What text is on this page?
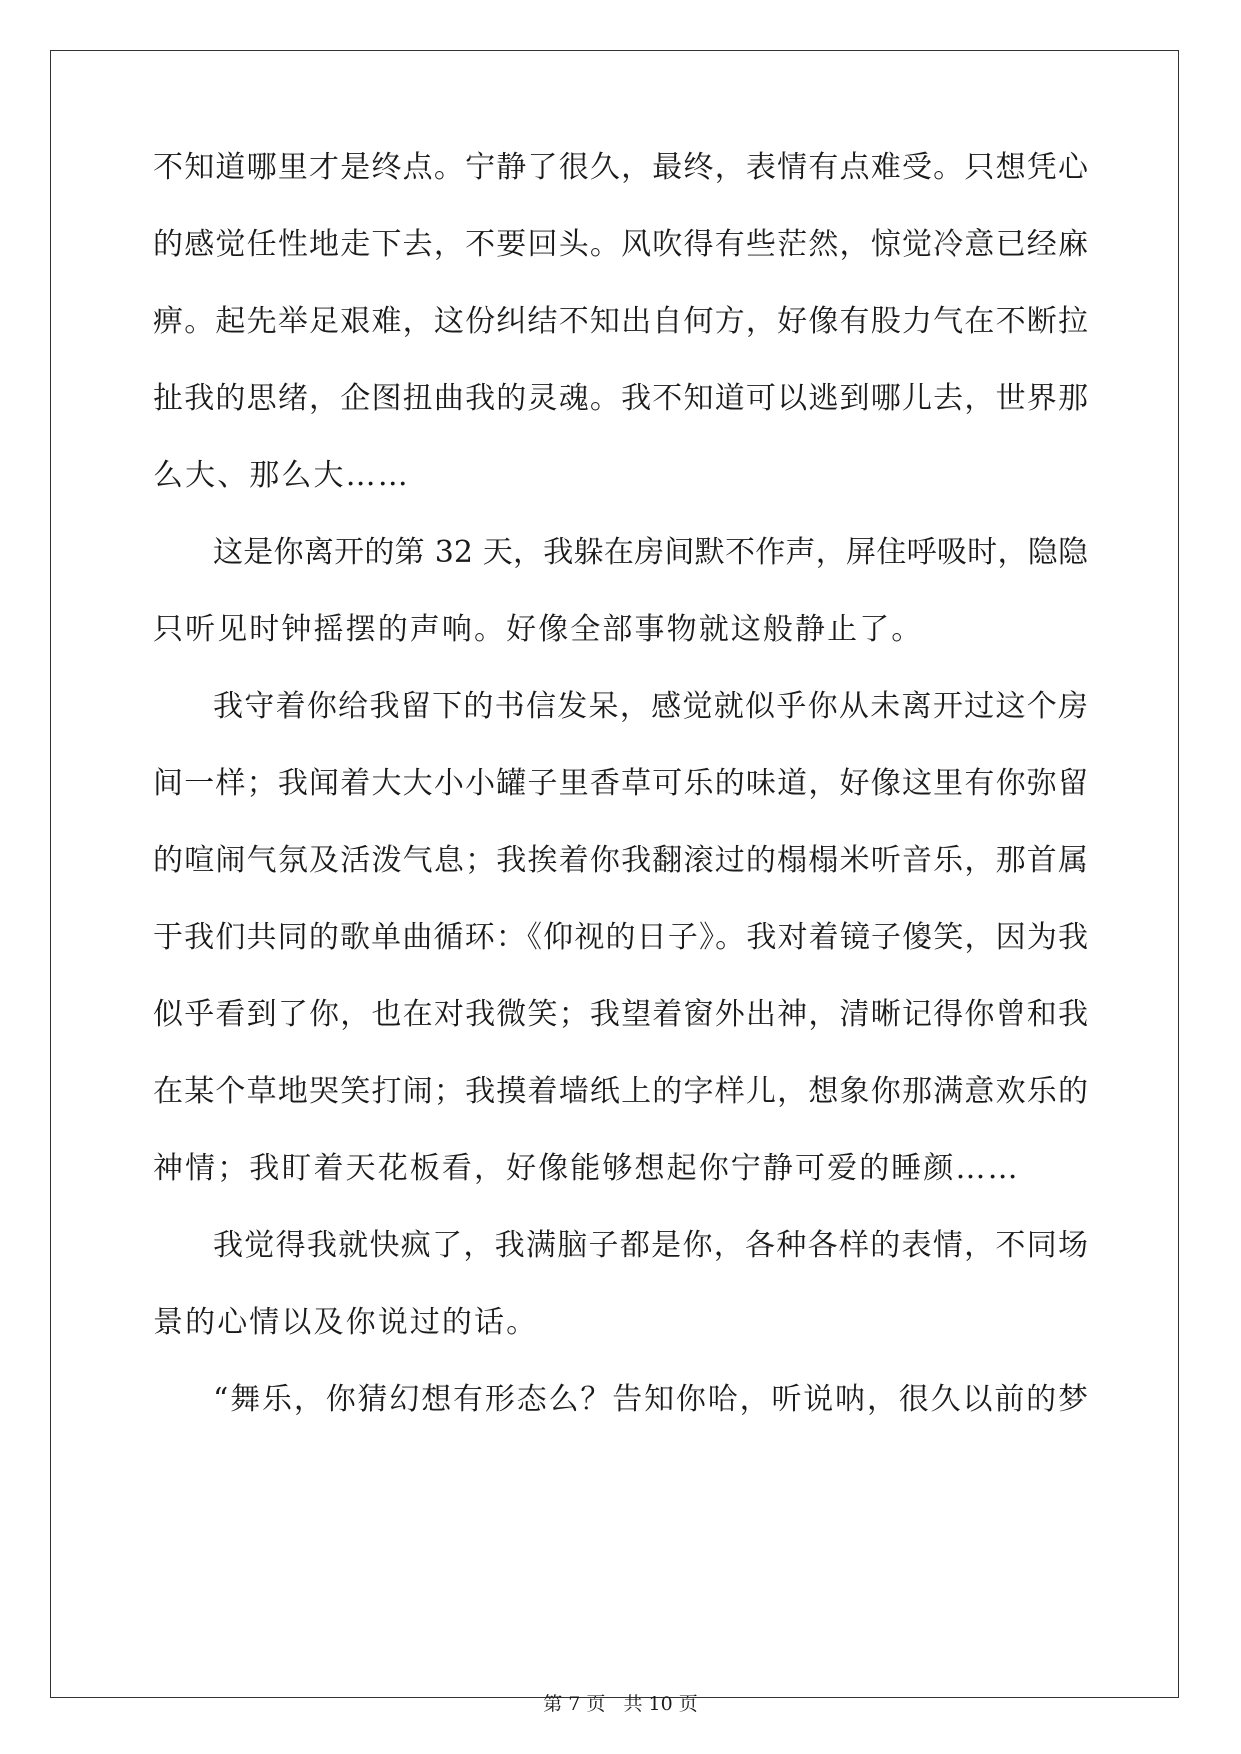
不知道哪里才是终点。宁静了很久，最终，表情有点难受。只想凭心
的感觉任性地走下去，不要回头。风吹得有些茫然，惊觉冷意已经麻
痹。起先举足艰难，这份纠结不知出自何方，好像有股力气在不断拉
扯我的思绪，企图扭曲我的灵魂。我不知道可以逃到哪儿去，世界那
么大、那么大……
这是你离开的第 32 天，我躲在房间默不作声，屏住呼吸时，隐隐
只听见时钟摇摆的声响。好像全部事物就这般静止了。
我守着你给我留下的书信发呆，感觉就似乎你从未离开过这个房
间一样；我闻着大大小小罐子里香草可乐的味道，好像这里有你弥留
的喧闹气氛及活泼气息；我挨着你我翻滚过的榻榻米听音乐，那首属
于我们共同的歌单曲循环：《仰视的日子》。我对着镜子傻笑，因为我
似乎看到了你，也在对我微笑；我望着窗外出神，清晰记得你曾和我
在某个草地哭笑打闹；我摸着墙纸上的字样儿，想象你那满意欢乐的
神情；我盯着天花板看，好像能够想起你宁静可爱的睡颜……
我觉得我就快疯了，我满脑子都是你，各种各样的表情，不同场
景的心情以及你说过的话。
“舞乐，你猜幻想有形态么？告知你哈，听说呐，很久以前的梦
第 7 页 共 10 页
